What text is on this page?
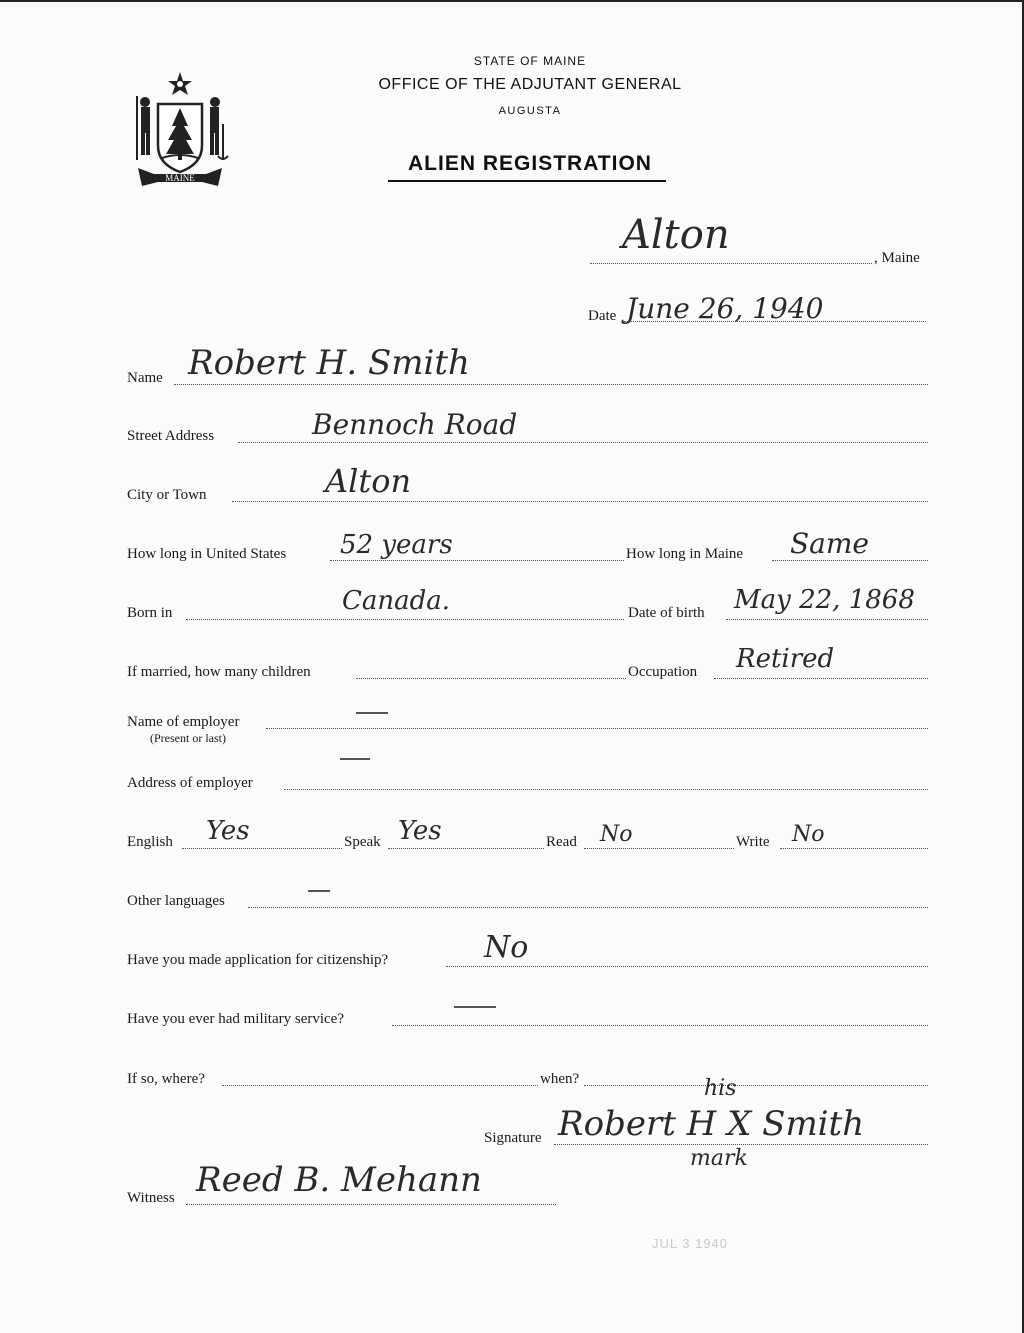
MAINE
STATE OF MAINE
OFFICE OF THE ADJUTANT GENERAL
AUGUSTA
ALIEN REGISTRATION
Alton	, Maine
Date June 26, 1940
Name Robert H. Smith
Street Address	Bennoch Road
City or Town	Alton
How long in United States 52 years	How long in Maine Same
Born in	Canada.	Date of birth May 22, 1868
If married, how many children	Occupation Retired
Name of employer
(Present or last)
Address of employer
English Yes	Speak Yes	Read No	Write No
Other languages
Have you made application for citizenship?	No
Have you ever had military service?
If so, where?	when?
Signature
his
Robert H X Smith
mark
Witness Reed B. Mehann
JUL 3 1940
